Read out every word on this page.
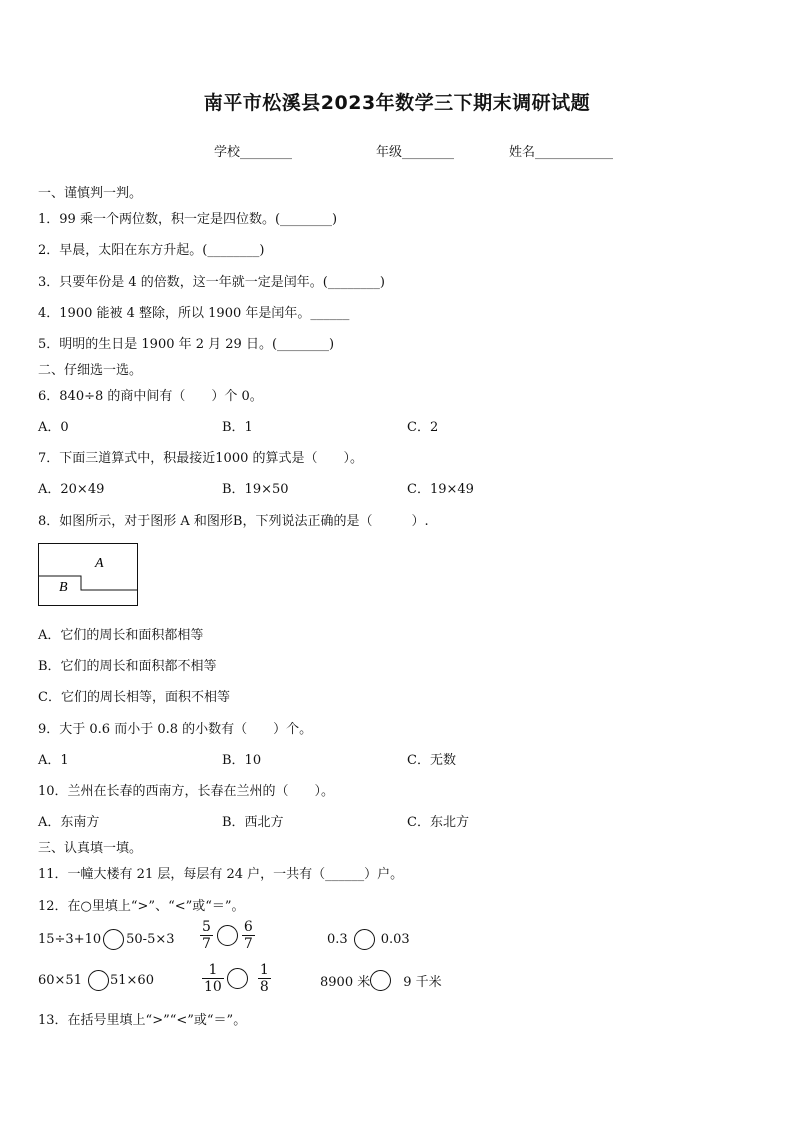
南平市松溪县2023年数学三下期末调研试题
学校________	年级________	姓名____________
一、谨慎判一判。
1．99 乘一个两位数，积一定是四位数。(________)
2．早晨，太阳在东方升起。(________)
3．只要年份是 4 的倍数，这一年就一定是闰年。(________)
4．1900 能被 4 整除，所以 1900 年是闰年。______
5．明明的生日是 1900 年 2 月 29 日。(________)
二、仔细选一选。
6．840÷8 的商中间有（　　）个 0。
A．0	B．1	C．2
7．下面三道算式中，积最接近1000 的算式是（　　）。
A．20×49	B．19×50	C．19×49
8．如图所示，对于图形 A 和图形B，下列说法正确的是（　　　）.
A
B
A．它们的周长和面积都相等
B．它们的周长和面积都不相等
C．它们的周长相等，面积不相等
9．大于 0.6 而小于 0.8 的小数有（　　）个。
A．1	B．10	C．无数
10．兰州在长春的西南方，长春在兰州的（　　）。
A．东南方	B．西北方	C．东北方
三、认真填一填。
11．一幢大楼有 21 层，每层有 24 户，一共有（______）户。
12．在○里填上“>”、“<”或“＝”。
15÷3+10 $50-5\times 3 \frac{5}{7} \frac{6}{7}$	0.3	0.03
60×51 51×60	$\frac{1}{10} \frac{1}{8}$	8900 米	9 千米
13．在括号里填上“>”“<”或“＝”。
